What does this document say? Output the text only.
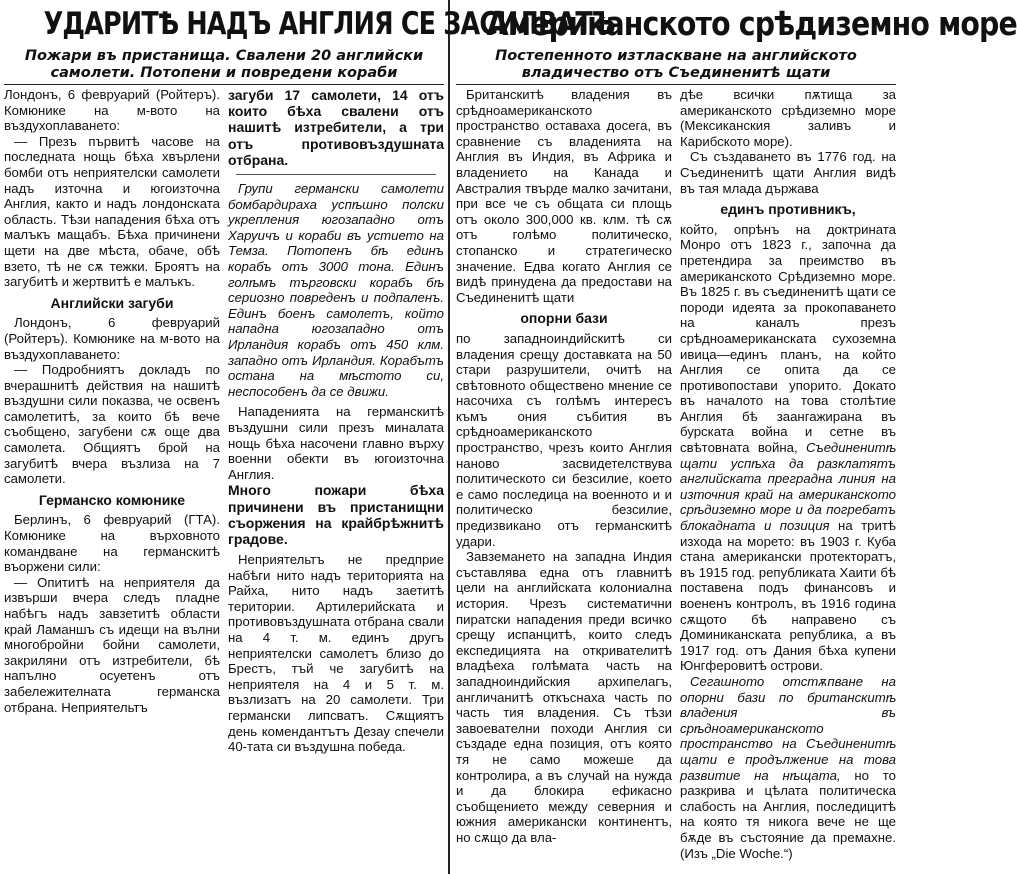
УДАРИТѢ НАДЪ АНГЛИЯ СЕ ЗАСИЛВАТЪ
Пожари въ пристанища. Свалени 20 английски самолети. Потопени и повредени кораби

Лондонъ, 6 февруарий (Ройтеръ). Комюнике на м-вото на въздухоплаването:

— Презъ първитѣ часове на последната нощь бѣха хвърлени бомби отъ неприятелски самолети надъ източна и югоизточна Англия, както и надъ лондонската область. Тѣзи нападения бѣха отъ малъкъ мащабъ. Бѣха причинени щети на две мѣста, обаче, обѣ взето, тѣ не сѫ тежки. Броятъ на загубитѣ и жертвитѣ е малъкъ.

Английски загуби

Лондонъ, 6 февруарий (Ройтеръ). Комюнике на м-вото на въздухоплаването:

— Подробниятъ докладъ по вчерашнитѣ действия на нашитѣ въздушни сили показва, че освенъ самолетитѣ, за които бѣ вече съобщено, загубени сѫ още два самолета. Общиятъ брой на загубитѣ вчера възлиза на 7 самолети.

Германско комюнике

Берлинъ, 6 февруарий (ГТА). Комюнике на върховното командване на германскитѣ въоржени сили:

— Опититѣ на неприятеля да извърши вчера следъ пладне набѣгъ надъ завзетитѣ области край Ламаншъ съ идещи на вълни многобройни бойни самолети, закриляни отъ изтребители, бѣ напълно осуетенъ отъ забележителната германска отбрана. Неприятельтъ

загуби 17 самолети, 14 отъ които бѣха свалени отъ нашитѣ изтребители, а три отъ противовъздушната отбрана.

Групи германски самолети бомбардираха успѣшно полски укрепления югозападно отъ Харуичъ и кораби въ устието на Темза. Потопенъ бѣ единъ корабъ отъ 3000 тона. Единъ голѣмъ търговски корабъ бѣ сериозно повреденъ и подпаленъ. Единъ боенъ самолетъ, който нападна югозападно отъ Ирландия корабъ отъ 450 клм. западно отъ Ирландия. Корабътъ остана на мѣстото си, неспособенъ да се движи.

Нападенията на германскитѣ въздушни сили презъ миналата нощь бѣха насочени главно върху военни обекти въ югоизточна Англия.

Много пожари бѣха причинени въ пристанищни съоржения на крайбрѣжнитѣ градове.

Неприятельтъ не предприе набѣги нито надъ територията на Райха, нито надъ заетитѣ територии. Артилерийската и противовъздушната отбрана свали на 4 т. м. единъ другъ неприятелски самолетъ близо до Брестъ, тъй че загубитѣ на неприятеля на 4 и 5 т. м. възлизатъ на 20 самолети. Три германски липсватъ. Сѫщиятъ день комендантътъ Дезау спечели 40-тата си въздушна победа.

Американското срѣдиземно море
Постепенното изтласкване на английското владичество отъ Съединенитѣ щати

Британскитѣ владения въ срѣдноамериканското пространство оставаха досега, въ сравнение съ владенията на Англия въ Индия, въ Африка и владението на Канада и Австралия твърде малко зачитани, при все че съ общата си площь отъ около 300,000 кв. клм. тѣ сѫ отъ голѣмо политическо, стопанско и стратегическо значение. Едва когато Англия се видѣ принудена да предостави на Съединенитѣ щати

опорни бази

по западноиндийскитѣ си владения срещу доставката на 50 стари разрушители, очитѣ на свѣтовното обществено мнение се насочиха съ голѣмъ интересъ къмъ ония събития въ срѣдноамериканското пространство, чрезъ които Англия наново засвидетелствува политическото си безсилие, което е само последица на военното и и политическо безсилие, предизвикано отъ германскитѣ удари.

Завземането на западна Индия съставлява една отъ главнитѣ цели на английската колониална история. Чрезъ систематични пиратски нападения преди всичко срещу испанцитѣ, които следъ експедицията на откривателитѣ владѣеха голѣмата часть на западноиндийския архипелагъ, англичанитѣ откъснаха часть по часть тия владения. Съ тѣзи завоевателни походи Англия си създаде една позиция, отъ която тя не само можеше да контролира, а въ случай на нужда и да блокира ефикасно съобщението между северния и южния американски континентъ, но сѫщо да вла-

дѣе всички пѫтища за американското срѣдиземно море (Мексиканския заливъ и Карибското море).

Съ създаването въ 1776 год. на Съединенитѣ щати Англия видѣ въ тая млада държава

единъ противникъ,

който, опрѣнъ на доктрината Монро отъ 1823 г., започна да претендира за преимство въ американското Срѣдиземно море. Въ 1825 г. въ съединенитѣ щати се породи идеята за прокопаването на каналъ презъ срѣдноамериканската сухоземна ивица—единъ планъ, на който Англия се опита да се противопостави упорито. Докато въ началото на това столѣтие Англия бѣ заангажирана въ бурската война и сетне въ свѣтовната война, Съединенитѣ щати успѣха да разклатятъ английската преградна линия на източния край на американското срѣдиземно море и да погребатъ блокадната и позиция на тритѣ изхода на морето: въ 1903 г. Куба стана американски протекторатъ, въ 1915 год. републиката Хаити бѣ поставена подъ финансовъ и воененъ контролъ, въ 1916 година сѫщото бѣ направено съ Доминиканската република, а въ 1917 год. отъ Дания бѣха купени Юнгферовитѣ острови.

Сегашното отстѫпване на опорни бази по британскитѣ владения въ срѣдноамериканското пространство на Съединенитѣ щати е продължение на това развитие на нѣщата, но то разкрива и цѣлата политическа слабость на Англия, последицитѣ на която тя никога вече не ще бѫде въ състояние да премахне. (Изъ „Die Woche.“)
